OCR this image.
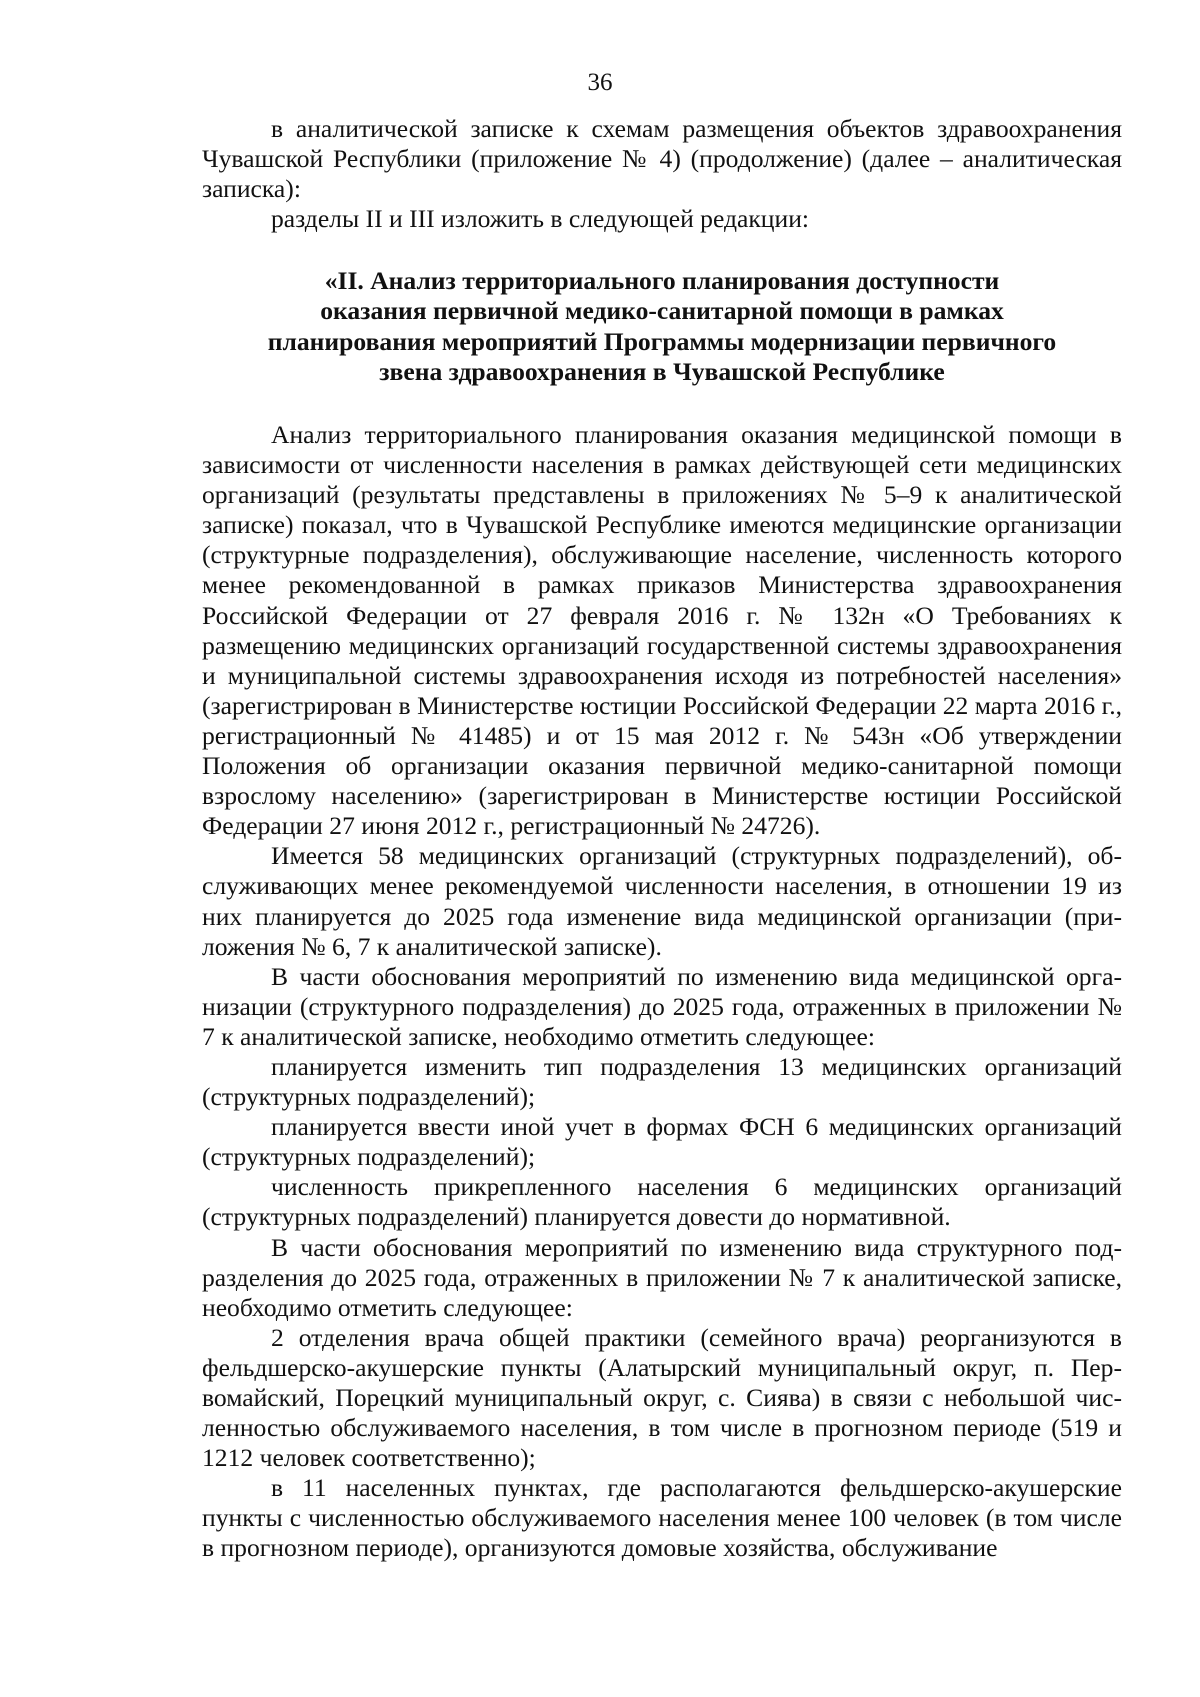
36

в аналитической записке к схемам размещения объектов здравоохранения Чувашской Республики (приложение № 4) (продолжение) (далее – аналитическая записка):

разделы II и III изложить в следующей редакции:

«II. Анализ территориального планирования доступности
оказания первичной медико-санитарной помощи в рамках
планирования мероприятий Программы модернизации первичного
звена здравоохранения в Чувашской Республике

Анализ территориального планирования оказания медицинской помощи в зависимости от численности населения в рамках действующей сети медицинских организаций (результаты представлены в приложениях № 5–9 к аналитической записке) показал, что в Чувашской Республике имеются медицинские организации (структурные подразделения), обслуживающие население, численность которого менее рекомендованной в рамках приказов Министерства здравоохранения Российской Федерации от 27 февраля 2016 г. № 132н «О Требованиях к размещению медицинских организаций государственной системы здравоохранения и муниципальной системы здравоохранения исходя из потребностей населения» (зарегистрирован в Министерстве юстиции Российской Федерации 22 марта 2016 г., регистрационный № 41485) и от 15 мая 2012 г. № 543н «Об утверждении Положения об организации оказания первичной медико-санитарной помощи взрослому населению» (зарегистрирован в Министерстве юстиции Российской Федерации 27 июня 2012 г., регистрационный № 24726).

Имеется 58 медицинских организаций (структурных подразделений), обслуживающих менее рекомендуемой численности населения, в отношении 19 из них планируется до 2025 года изменение вида медицинской организации (приложения № 6, 7 к аналитической записке).

В части обоснования мероприятий по изменению вида медицинской организации (структурного подразделения) до 2025 года, отраженных в приложении № 7 к аналитической записке, необходимо отметить следующее:

планируется изменить тип подразделения 13 медицинских организаций (структурных подразделений);

планируется ввести иной учет в формах ФСН 6 медицинских организаций (структурных подразделений);

численность прикрепленного населения 6 медицинских организаций (структурных подразделений) планируется довести до нормативной.

В части обоснования мероприятий по изменению вида структурного подразделения до 2025 года, отраженных в приложении № 7 к аналитической записке, необходимо отметить следующее:

2 отделения врача общей практики (семейного врача) реорганизуются в фельдшерско-акушерские пункты (Алатырский муниципальный округ, п. Первомайский, Порецкий муниципальный округ, с. Сиява) в связи с небольшой численностью обслуживаемого населения, в том числе в прогнозном периоде (519 и 1212 человек соответственно);

в 11 населенных пунктах, где располагаются фельдшерско-акушерские пункты с численностью обслуживаемого населения менее 100 человек (в том числе в прогнозном периоде), организуются домовые хозяйства, обслуживание
